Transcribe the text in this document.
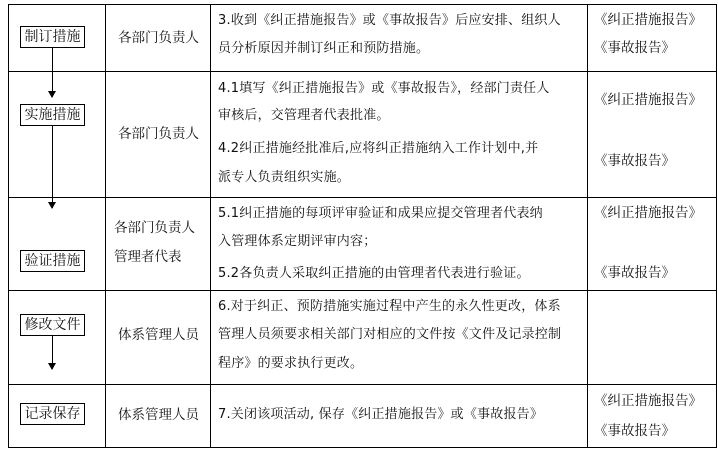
制订措施
实施措施
验证措施
修改文件
记录保存
各部门负责人
3.收到《纠正措施报告》或《事故报告》后应安排、组织人
员分析原因并制订纠正和预防措施。
《纠正措施报告》
《事故报告》
各部门负责人
4.1填写《纠正措施报告》或《事故报告》，经部门责任人
审核后，交管理者代表批准。
4.2纠正措施经批准后,应将纠正措施纳入工作计划中,并
派专人负责组织实施。
《纠正措施报告》
《事故报告》
各部门负责人
管理者代表
5.1纠正措施的每项评审验证和成果应提交管理者代表纳
入管理体系定期评审内容；
5.2各负责人采取纠正措施的由管理者代表进行验证。
《纠正措施报告》
《事故报告》
体系管理人员
6.对于纠正、预防措施实施过程中产生的永久性更改，体系
管理人员须要求相关部门对相应的文件按《文件及记录控制
程序》的要求执行更改。
体系管理人员 7.关闭该项活动, 保存《纠正措施报告》或《事故报告》
《纠正措施报告》
《事故报告》
